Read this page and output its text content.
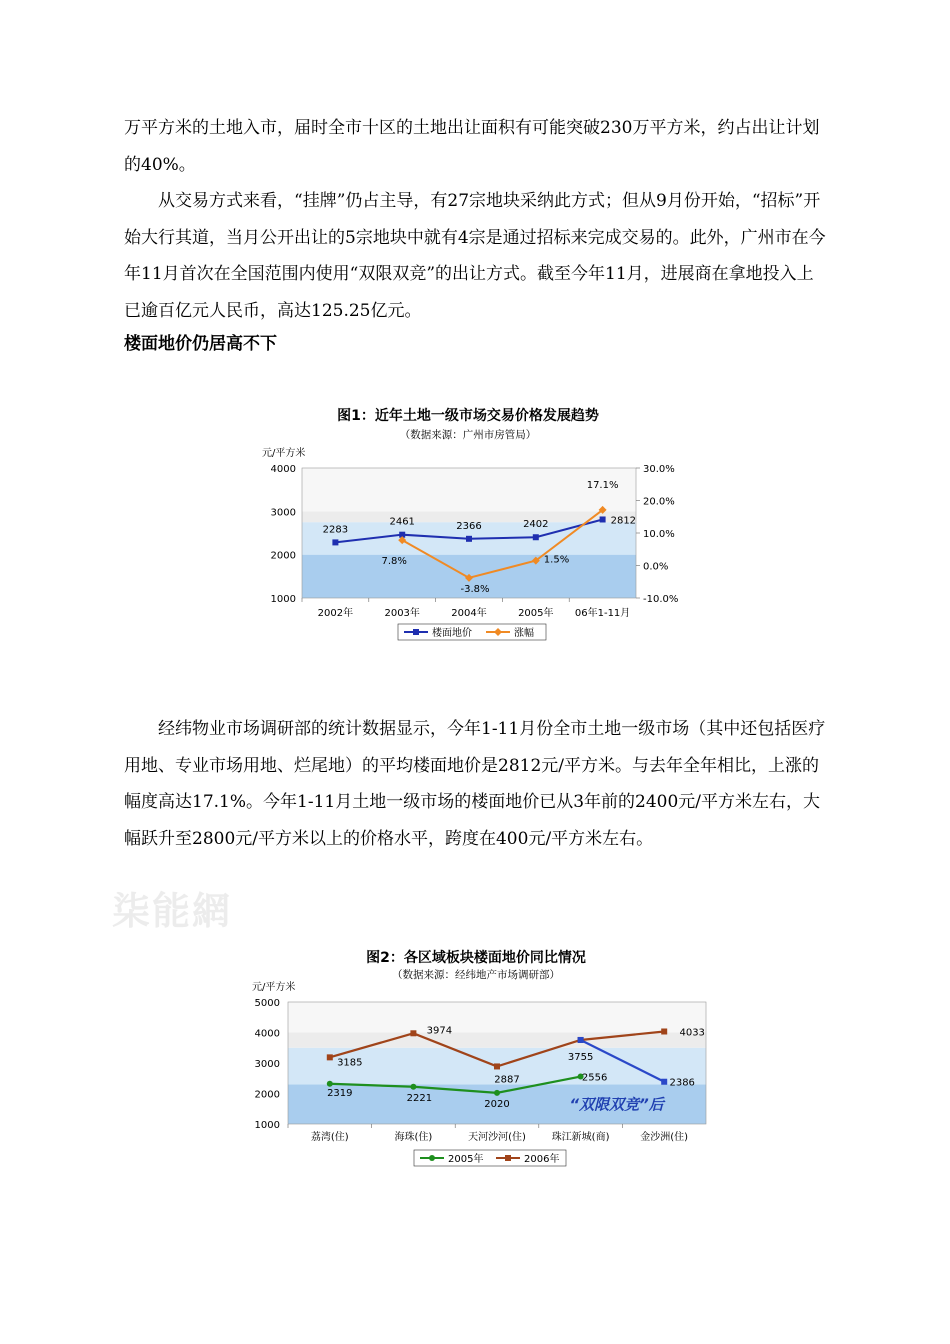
万平方米的土地入市，届时全市十区的土地出让面积有可能突破230万平方米，约占出让计划的40%。

从交易方式来看，“挂牌”仍占主导，有27宗地块采纳此方式；但从9月份开始，“招标”开始大行其道，当月公开出让的5宗地块中就有4宗是通过招标来完成交易的。此外，广州市在今年11月首次在全国范围内使用“双限双竞”的出让方式。截至今年11月，进展商在拿地投入上已逾百亿元人民币，高达125.25亿元。

楼面地价仍居高不下

图1：近年土地一级市场交易价格发展趋势
（数据来源：广州市房管局）
元/平方米
4000
3000
2000
1000
30.0%
20.0%
10.0%
0.0%
-10.0%
2002年	2003年	2004年	2005年 06年1-11月
2283
2461	2366	2402	2812
7.8%
-3.8%
1.5%
17.1%
楼面地价	涨幅

经纬物业市场调研部的统计数据显示，今年1-11月份全市土地一级市场（其中还包括医疗用地、专业市场用地、烂尾地）的平均楼面地价是2812元/平方米。与去年全年相比，上涨的幅度高达17.1%。今年1-11月土地一级市场的楼面地价已从3年前的2400元/平方米左右，大幅跃升至2800元/平方米以上的价格水平，跨度在400元/平方米左右。

柒能網
图2：各区域板块楼面地价同比情况
（数据来源：经纬地产市场调研部）
元/平方米
5000
4000
3000
2000
1000
荔湾(住)	海珠(住)	天河沙河(住)	珠江新城(商)	金沙洲(住)
2319	2221
2020
2556
3185
3974
2887
3755
4033
2386
“双限双竞”后
2005年	2006年
